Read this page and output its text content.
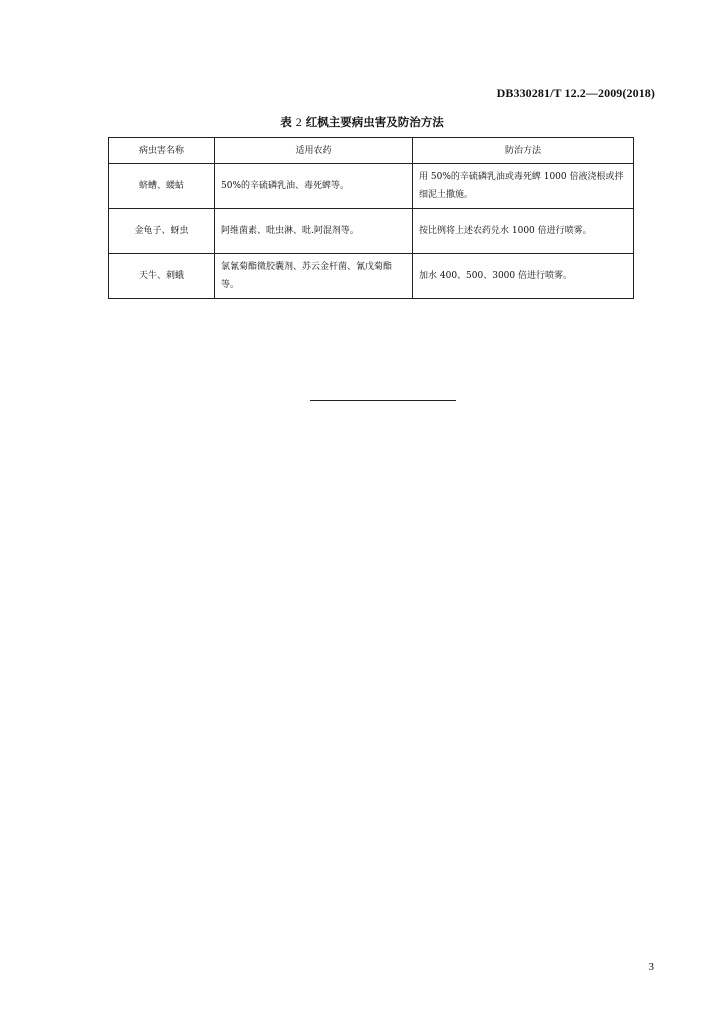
DB330281/T 12.2—2009(2018)
表 2 红枫主要病虫害及防治方法
病虫害名称	适用农药	防治方法
蛴螬、蝼蛄	50%的辛硫磷乳油、毒死蜱等。	用 50%的辛硫磷乳油或毒死蜱 1000 倍液浇根或拌细泥土撒施。
金龟子、蚜虫	阿维菌素、吡虫淋、吡.阿混剂等。	按比例将上述农药兑水 1000 倍进行喷雾。
天牛、刺蛾	氯氰菊酯微胶囊剂、苏云金杆菌、氰戊菊酯等。	加水 400、500、3000 倍进行喷雾。
3
